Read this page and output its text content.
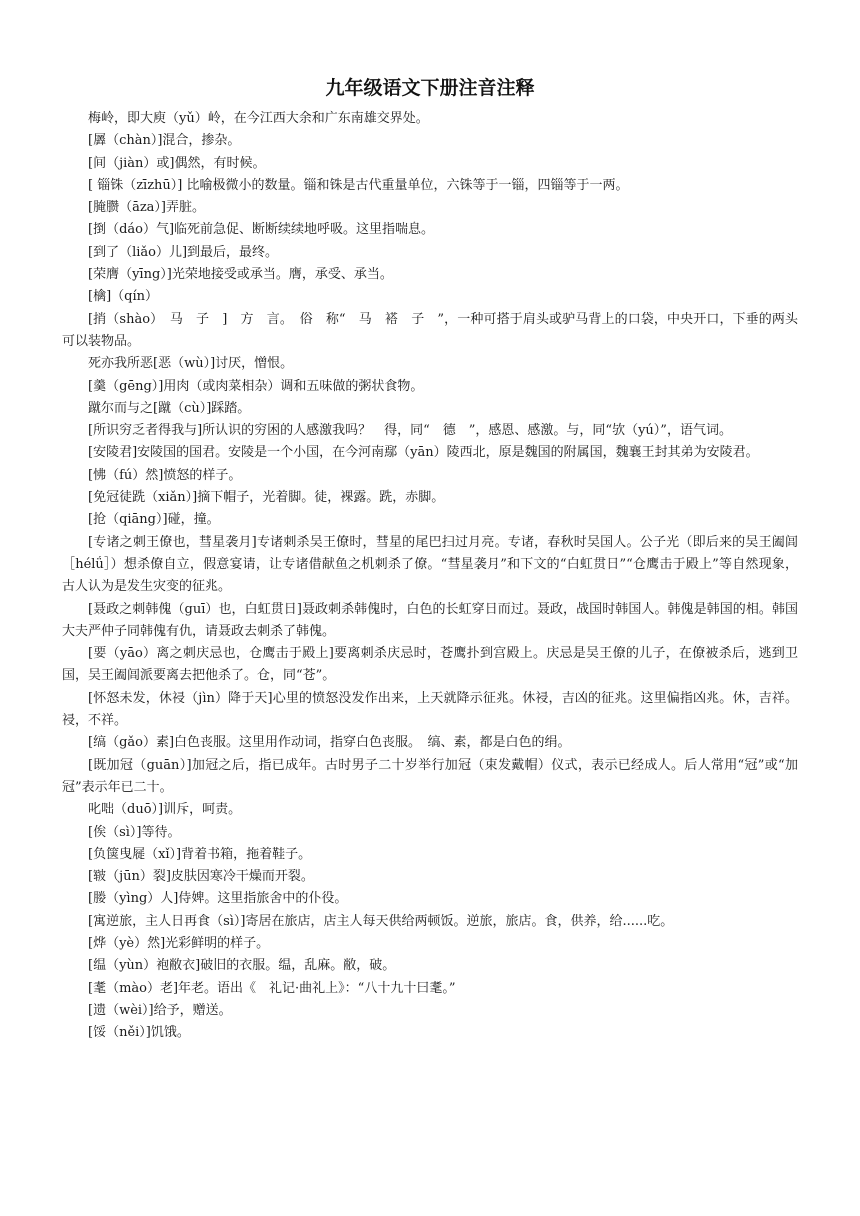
九年级语文下册注音注释

梅岭，即大庾（yǔ）岭，在今江西大余和广东南雄交界处。

[羼（chàn）]混合，掺杂。

[间（jiàn）或]偶然，有时候。

[ 锱铢（zīzhū）] 比喻极微小的数量。锱和铢是古代重量单位，六铢等于一锱，四锱等于一两。

[腌臜（āza）]弄脏。

[捯（dáo）气]临死前急促、断断续续地呼吸。这里指喘息。

[到了（liǎo）儿]到最后，最终。

[荣膺（yīng）]光荣地接受或承当。膺，承受、承当。

[檎]（qín）

[捎（shào）　马　子　]　方　言。　俗　称“　马　褡　子　”，一种可搭于肩头或驴马背上的口袋，中央开口，下垂的两头可以装物品。

死亦我所恶[恶（wù）]讨厌，憎恨。

[羹（gēng）]用肉（或肉菜相杂）调和五味做的粥状食物。

蹴尔而与之[蹴（cù）]踩踏。

[所识穷乏者得我与]所认识的穷困的人感激我吗？　得，同“　德　”，感恩、感激。与，同“欤（yú）”，语气词。

[安陵君]安陵国的国君。安陵是一个小国，在今河南鄢（yān）陵西北，原是魏国的附属国，魏襄王封其弟为安陵君。

[怫（fú）然]愤怒的样子。

[免冠徒跣（xiǎn）]摘下帽子，光着脚。徒，裸露。跣，赤脚。

[抢（qiāng）]碰，撞。

[专诸之刺王僚也，彗星袭月]专诸刺杀吴王僚时，彗星的尾巴扫过月亮。专诸，春秋时吴国人。公子光（即后来的吴王阖闾［hélǘ］）想杀僚自立，假意宴请，让专诸借献鱼之机刺杀了僚。“彗星袭月”和下文的“白虹贯日”“仓鹰击于殿上”等自然现象，古人认为是发生灾变的征兆。

[聂政之刺韩傀（guī）也，白虹贯日]聂政刺杀韩傀时，白色的长虹穿日而过。聂政，战国时韩国人。韩傀是韩国的相。韩国大夫严仲子同韩傀有仇，请聂政去刺杀了韩傀。

[要（yāo）离之刺庆忌也，仓鹰击于殿上]要离刺杀庆忌时，苍鹰扑到宫殿上。庆忌是吴王僚的儿子，在僚被杀后，逃到卫国，吴王阖闾派要离去把他杀了。仓，同“苍”。

[怀怒未发，休祲（jìn）降于天]心里的愤怒没发作出来，上天就降示征兆。休祲，吉凶的征兆。这里偏指凶兆。休，吉祥。祲，不祥。

[缟（gǎo）素]白色丧服。这里用作动词，指穿白色丧服。　缟、素，都是白色的绢。

[既加冠（guān）]加冠之后，指已成年。古时男子二十岁举行加冠（束发戴帽）仪式，表示已经成人。后人常用“冠”或“加冠”表示年已二十。

叱咄（duō）]训斥，呵责。

[俟（sì）]等待。

[负箧曳屣（xǐ）]背着书箱，拖着鞋子。

[皲（jūn）裂]皮肤因寒冷干燥而开裂。

[媵（yìng）人]侍婢。这里指旅舍中的仆役。

[寓逆旅，主人日再食（sì）]寄居在旅店，店主人每天供给两顿饭。逆旅，旅店。食，供养，给......吃。

[烨（yè）然]光彩鲜明的样子。

[缊（yùn）袍敝衣]破旧的衣服。缊，乱麻。敝，破。

[耄（mào）老]年老。语出《　礼记·曲礼上》：“八十九十曰耄。”

[遗（wèi）]给予，赠送。

[馁（něi）]饥饿。
